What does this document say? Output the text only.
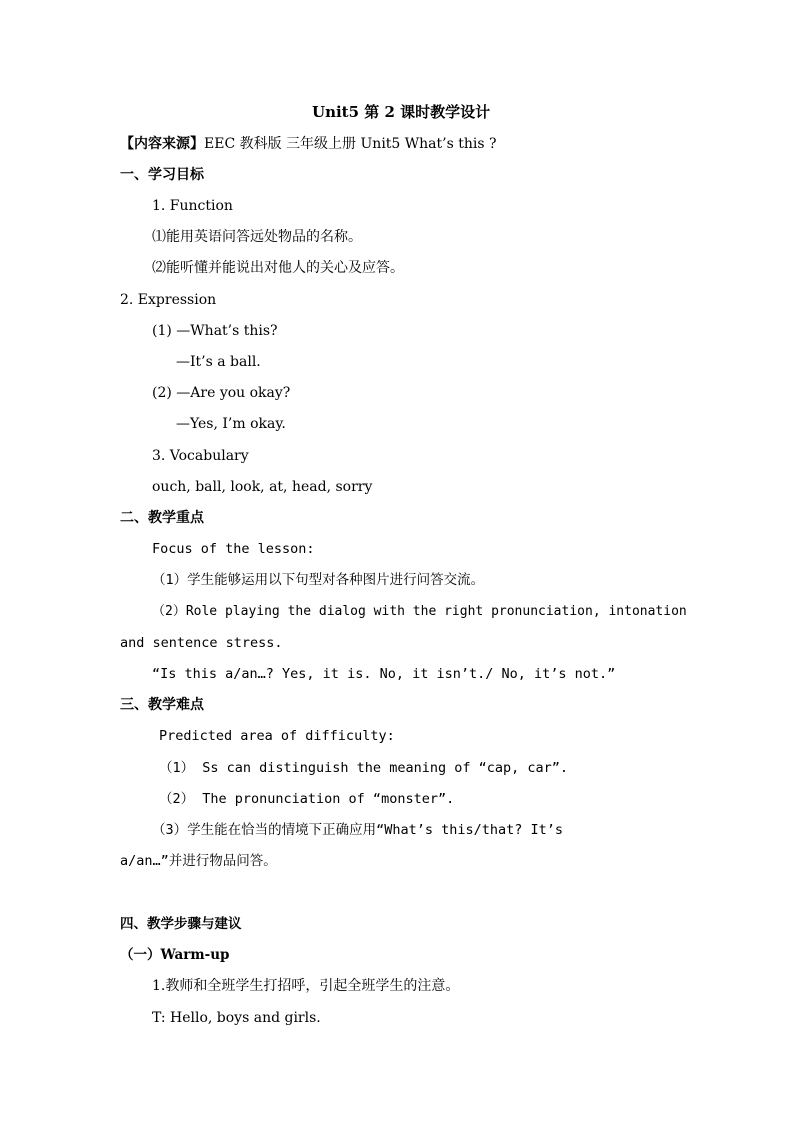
Unit5 第 2 课时教学设计
【内容来源】EEC 教科版 三年级上册 Unit5 What’s this ?
一、学习目标
1. Function
⑴能用英语问答远处物品的名称。
⑵能听懂并能说出对他人的关心及应答。
2. Expression
(1) —What’s this?
—It’s a ball.
(2) —Are you okay?
—Yes, I’m okay.
3. Vocabulary
ouch, ball, look, at, head, sorry
二、教学重点
Focus of the lesson:
（1）学生能够运用以下句型对各种图片进行问答交流。
（2）Role playing the dialog with the right pronunciation, intonation
and sentence stress.
“Is this a/an…? Yes, it is. No, it isn’t./ No, it’s not.”
三、教学难点
Predicted area of difficulty:
（1） Ss can distinguish the meaning of “cap, car”.
（2） The pronunciation of “monster”.
（3）学生能在恰当的情境下正确应用“What’s this/that? It’s
a/an…”并进行物品问答。
四、教学步骤与建议
（一）Warm-up
1.教师和全班学生打招呼，引起全班学生的注意。
T: Hello, boys and girls.
